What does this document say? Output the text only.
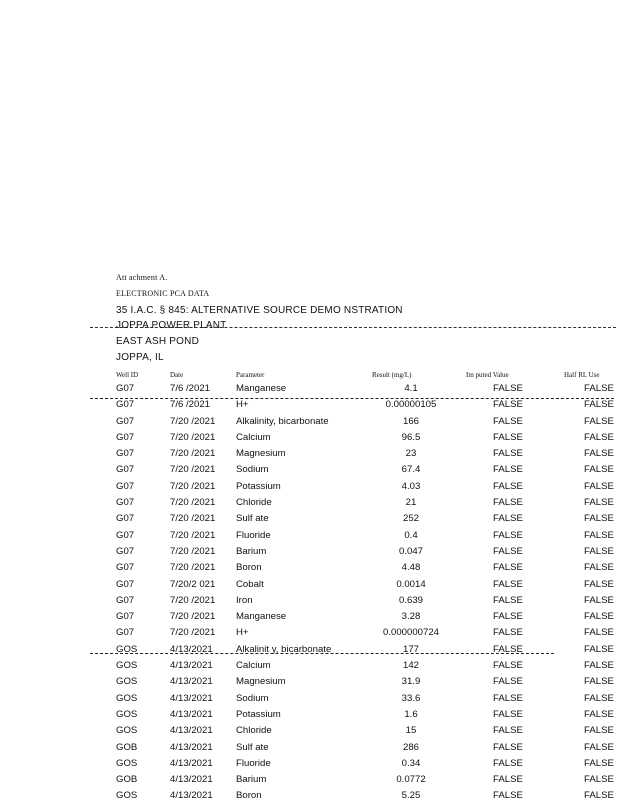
Att achment A.
ELECTRONIC PCA DATA
35 I.A.C. § 845: ALTERNATIVE SOURCE DEMO NSTRATION
JOPPA POWER PLANT
EAST ASH POND
JOPPA, IL
Well ID	Date	Parameter	Result (mg/L)	Im puted Value	Half RL Use
G07	7/6 /2021	Manganese	4.1	FALSE	FALSE
G07	7/6 /2021	H+	0.00000105	FALSE	FALSE
G07	7/20 /2021 Alkalinity, bicarbonate	166	FALSE	FALSE
G07	7/20 /2021 Calcium	96.5	FALSE	FALSE
G07	7/20 /2021 Magnesium	23	FALSE	FALSE
G07	7/20 /2021 Sodium	67.4	FALSE	FALSE
G07	7/20 /2021 Potassium	4.03	FALSE	FALSE
G07	7/20 /2021 Chloride	21	FALSE	FALSE
G07	7/20 /2021 Sulf ate	252	FALSE	FALSE
G07	7/20 /2021 Fluoride	0.4	FALSE	FALSE
G07	7/20 /2021 Barium	0.047	FALSE	FALSE
G07	7/20 /2021 Boron	4.48	FALSE	FALSE
G07	7/20/2 021 Cobalt	0.0014	FALSE	FALSE
G07	7/20 /2021 Iron	0.639	FALSE	FALSE
G07	7/20 /2021 Manganese	3.28	FALSE	FALSE
G07	7/20 /2021 H+	0.000000724	FALSE	FALSE
GOS	4/13/2021 Alkalinit y, bicarbonate	177	FALSE	FALSE
GOS	4/13/2021 Calcium	142	FALSE	FALSE
GOS	4/13/2021 Magnesium	31.9	FALSE	FALSE
GOS	4/13/2021 Sodium	33.6	FALSE	FALSE
GOS	4/13/2021 Potassium	1.6	FALSE	FALSE
GOS	4/13/2021 Chloride	15	FALSE	FALSE
GOB	4/13/2021 Sulf ate	286	FALSE	FALSE
GOS	4/13/2021 Fluoride	0.34	FALSE	FALSE
GOB	4/13/2021 Barium	0.0772	FALSE	FALSE
GOS	4/13/2021 Boron	5.25	FALSE	FALSE
